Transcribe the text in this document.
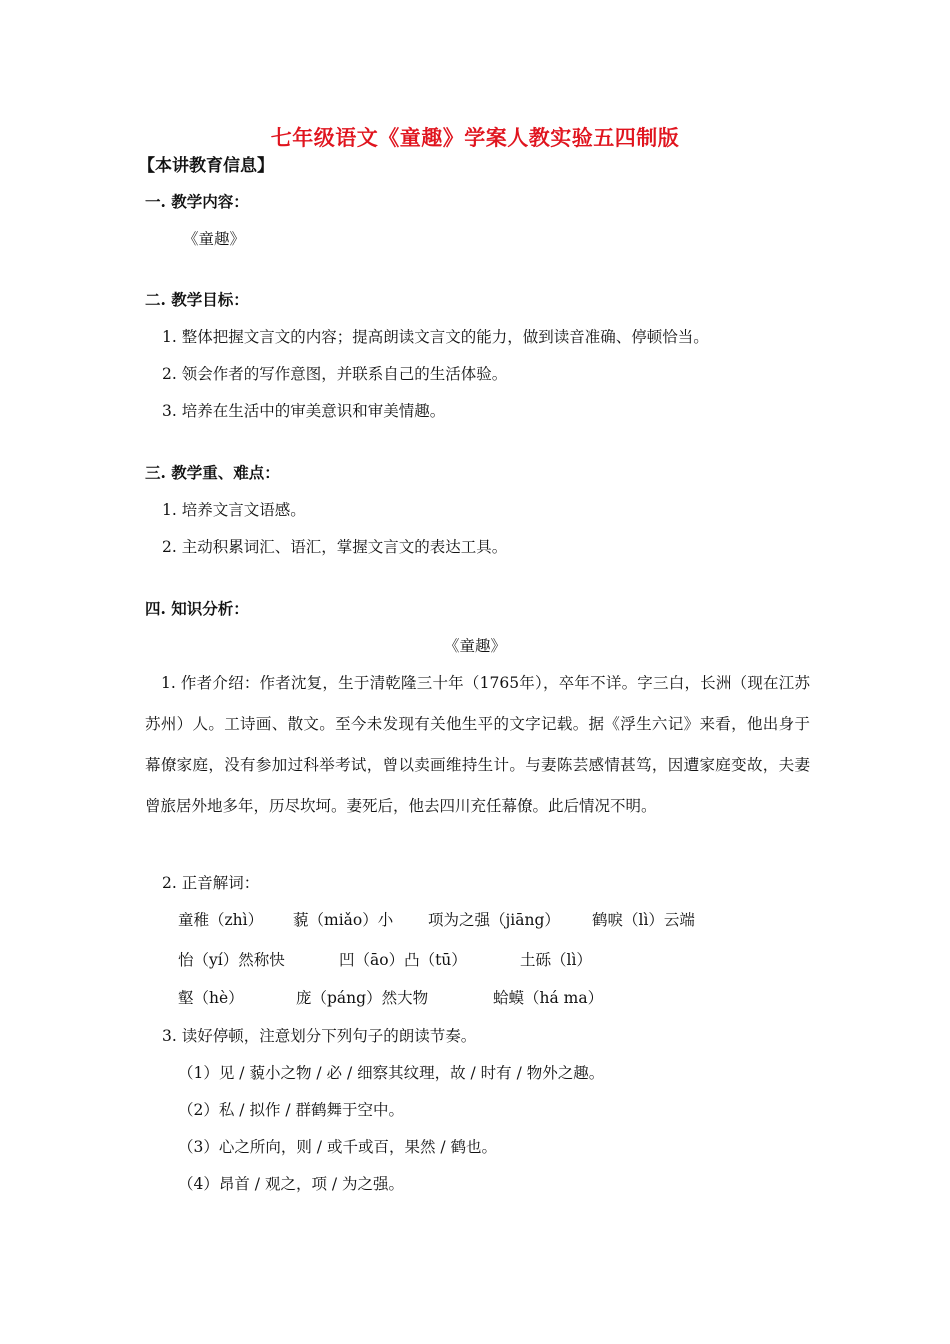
七年级语文《童趣》学案人教实验五四制版
【本讲教育信息】
一. 教学内容：
《童趣》
二. 教学目标：
1. 整体把握文言文的内容；提高朗读文言文的能力，做到读音准确、停顿恰当。
2. 领会作者的写作意图，并联系自己的生活体验。
3. 培养在生活中的审美意识和审美情趣。
三. 教学重、难点：
1. 培养文言文语感。
2. 主动积累词汇、语汇，掌握文言文的表达工具。
四. 知识分析：
《童趣》
1. 作者介绍：作者沈复，生于清乾隆三十年（1765年），卒年不详。字三白，长洲（现在江苏苏州）人。工诗画、散文。至今未发现有关他生平的文字记载。据《浮生六记》来看，他出身于幕僚家庭，没有参加过科举考试，曾以卖画维持生计。与妻陈芸感情甚笃，因遭家庭变故，夫妻曾旅居外地多年，历尽坎坷。妻死后，他去四川充任幕僚。此后情况不明。
2. 正音解词：
童稚（zhì） 藐（miǎo）小 项为之强（jiāng） 鹤唳（lì）云端
怡（yí）然称快	凹（āo）凸（tū）	土砾（lì）
壑（hè）	庞（páng）然大物	蛤蟆（há ma）
3. 读好停顿，注意划分下列句子的朗读节奏。
（1）见 / 藐小之物 / 必 / 细察其纹理，故 / 时有 / 物外之趣。
（2）私 / 拟作 / 群鹤舞于空中。
（3）心之所向，则 / 或千或百，果然 / 鹤也。
（4）昂首 / 观之，项 / 为之强。
